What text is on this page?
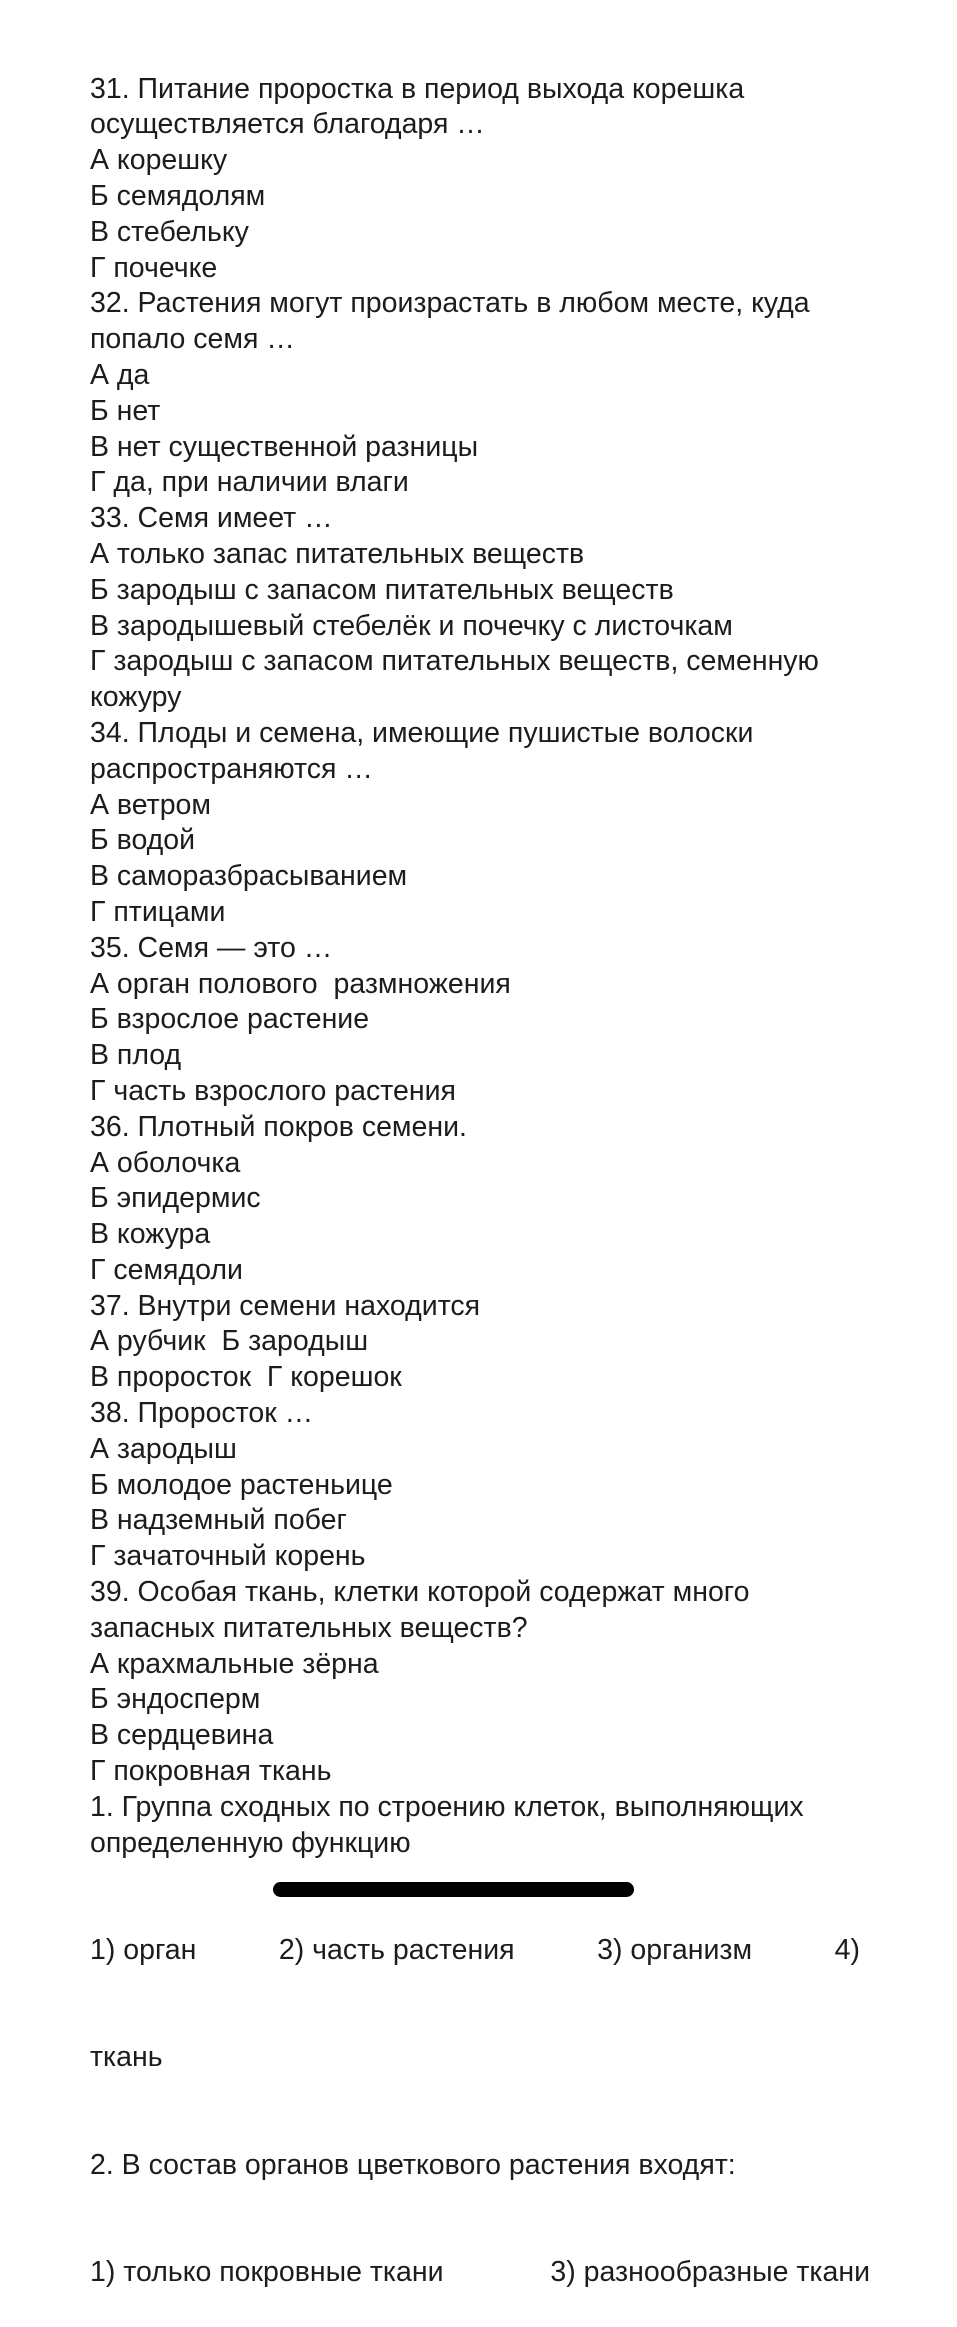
31. Питание проростка в период выхода корешка
осуществляется благодаря …
А корешку
Б семядолям
В стебельку
Г почечке
32. Растения могут произрастать в любом месте, куда
попало семя …
А да
Б нет
В нет существенной разницы
Г да, при наличии влаги
33. Семя имеет …
А только запас питательных веществ
Б зародыш с запасом питательных веществ
В зародышевый стебелёк и почечку с листочкам
Г зародыш с запасом питательных веществ, семенную
кожуру
34. Плоды и семена, имеющие пушистые волоски
распространяются …
А ветром
Б водой
В саморазбрасыванием
Г птицами
35. Семя — это …
А орган полового  размножения
Б взрослое растение
В плод
Г часть взрослого растения
36. Плотный покров семени.
А оболочка
Б эпидермис
В кожура
Г семядоли
37. Внутри семени находится
А рубчик  Б зародыш
В проросток  Г корешок
38. Проросток …
А зародыш
Б молодое растеньице
В надземный побег
Г зачаточный корень
39. Особая ткань, клетки которой содержат много
запасных питательных веществ?
А крахмальные зёрна
Б эндосперм
В сердцевина
Г покровная ткань
1. Группа сходных по строению клеток, выполняющих
определенную функцию

1) орган	2) часть растения	3) организм	4)

ткань

2. В состав органов цветкового растения входят:

1) только покровные ткани	3) разнообразные ткани
